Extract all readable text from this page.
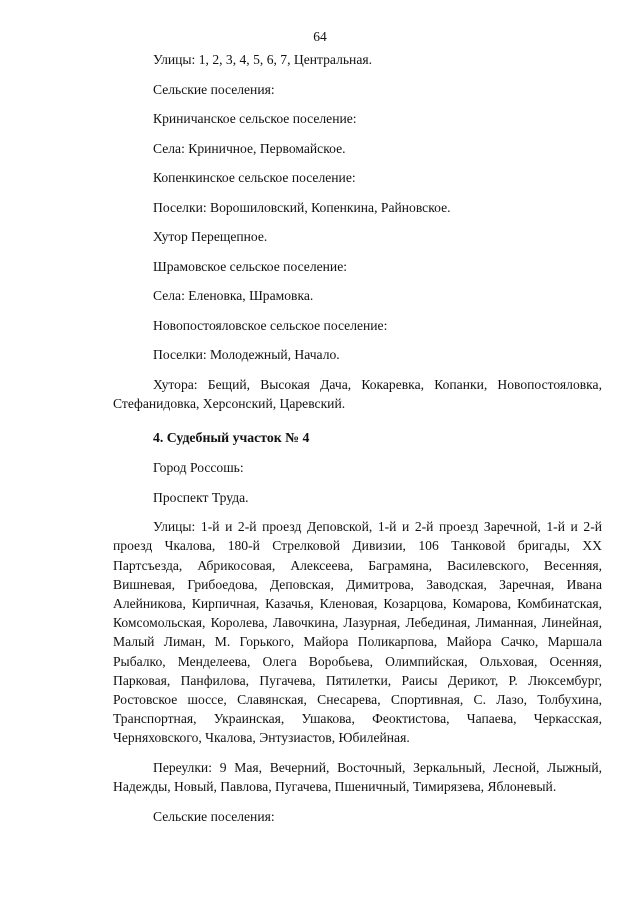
64

Улицы: 1, 2, 3, 4, 5, 6, 7, Центральная.

Сельские поселения:

Криничанское сельское поселение:

Села: Криничное, Первомайское.

Копенкинское сельское поселение:

Поселки: Ворошиловский, Копенкина, Райновское.

Хутор Перещепное.

Шрамовское сельское поселение:

Села: Еленовка, Шрамовка.

Новопостояловское сельское поселение:

Поселки: Молодежный, Начало.

Хутора: Бещий, Высокая Дача, Кокаревка, Копанки, Новопостояловка, Стефанидовка, Херсонский, Царевский.

4. Судебный участок № 4

Город Россошь:

Проспект Труда.

Улицы: 1-й и 2-й проезд Деповской, 1-й и 2-й проезд Заречной, 1-й и 2-й проезд Чкалова, 180-й Стрелковой Дивизии, 106 Танковой бригады, XX Партсъезда, Абрикосовая, Алексеева, Баграмяна, Василевского, Весенняя, Вишневая, Грибоедова, Деповская, Димитрова, Заводская, Заречная, Ивана Алейникова, Кирпичная, Казачья, Кленовая, Козарцова, Комарова, Комбинатская, Комсомольская, Королева, Лавочкина, Лазурная, Лебединая, Лиманная, Линейная, Малый Лиман, М. Горького, Майора Поликарпова, Майора Сачко, Маршала Рыбалко, Менделеева, Олега Воробьева, Олимпийская, Ольховая, Осенняя, Парковая, Панфилова, Пугачева, Пятилетки, Раисы Дерикот, Р. Люксембург, Ростовское шоссе, Славянская, Снесарева, Спортивная, С. Лазо, Толбухина, Транспортная, Украинская, Ушакова, Феоктистова, Чапаева, Черкасская, Черняховского, Чкалова, Энтузиастов, Юбилейная.

Переулки: 9 Мая, Вечерний, Восточный, Зеркальный, Лесной, Лыжный, Надежды, Новый, Павлова, Пугачева, Пшеничный, Тимирязева, Яблоневый.

Сельские поселения:
